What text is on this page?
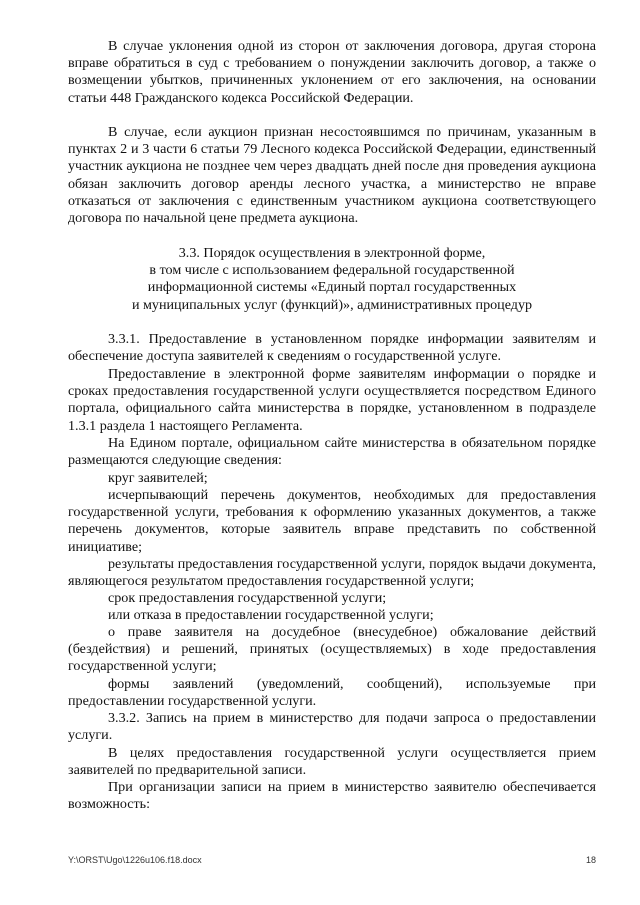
В случае уклонения одной из сторон от заключения договора, другая сторона вправе обратиться в суд с требованием о понуждении заключить договор, а также о возмещении убытков, причиненных уклонением от его заключения, на основании статьи 448 Гражданского кодекса Российской Федерации.

В случае, если аукцион признан несостоявшимся по причинам, указанным в пунктах 2 и 3 части 6 статьи 79 Лесного кодекса Российской Федерации, единственный участник аукциона не позднее чем через двадцать дней после дня проведения аукциона обязан заключить договор аренды лесного участка, а министерство не вправе отказаться от заключения с единственным участником аукциона соответствующего договора по начальной цене предмета аукциона.

3.3. Порядок осуществления в электронной форме,
в том числе с использованием федеральной государственной
информационной системы «Единый портал государственных
и муниципальных услуг (функций)», административных процедур

3.3.1. Предоставление в установленном порядке информации заявителям и обеспечение доступа заявителей к сведениям о государственной услуге.

Предоставление в электронной форме заявителям информации о порядке и сроках предоставления государственной услуги осуществляется посредством Единого портала, официального сайта министерства в порядке, установленном в подразделе 1.3.1 раздела 1 настоящего Регламента.

На Едином портале, официальном сайте министерства в обязательном порядке размещаются следующие сведения:

круг заявителей;

исчерпывающий перечень документов, необходимых для предоставления государственной услуги, требования к оформлению указанных документов, а также перечень документов, которые заявитель вправе представить по собственной инициативе;

результаты предоставления государственной услуги, порядок выдачи документа, являющегося результатом предоставления государственной услуги;

срок предоставления государственной услуги;

или отказа в предоставлении государственной услуги;

о праве заявителя на досудебное (внесудебное) обжалование действий (бездействия) и решений, принятых (осуществляемых) в ходе предоставления государственной услуги;

формы заявлений (уведомлений, сообщений), используемые при предоставлении государственной услуги.

3.3.2. Запись на прием в министерство для подачи запроса о предоставлении услуги.

В целях предоставления государственной услуги осуществляется прием заявителей по предварительной записи.

При организации записи на прием в министерство заявителю обеспечивается возможность:

Y:\ORST\Ugo\1226u106.f18.docx	18
